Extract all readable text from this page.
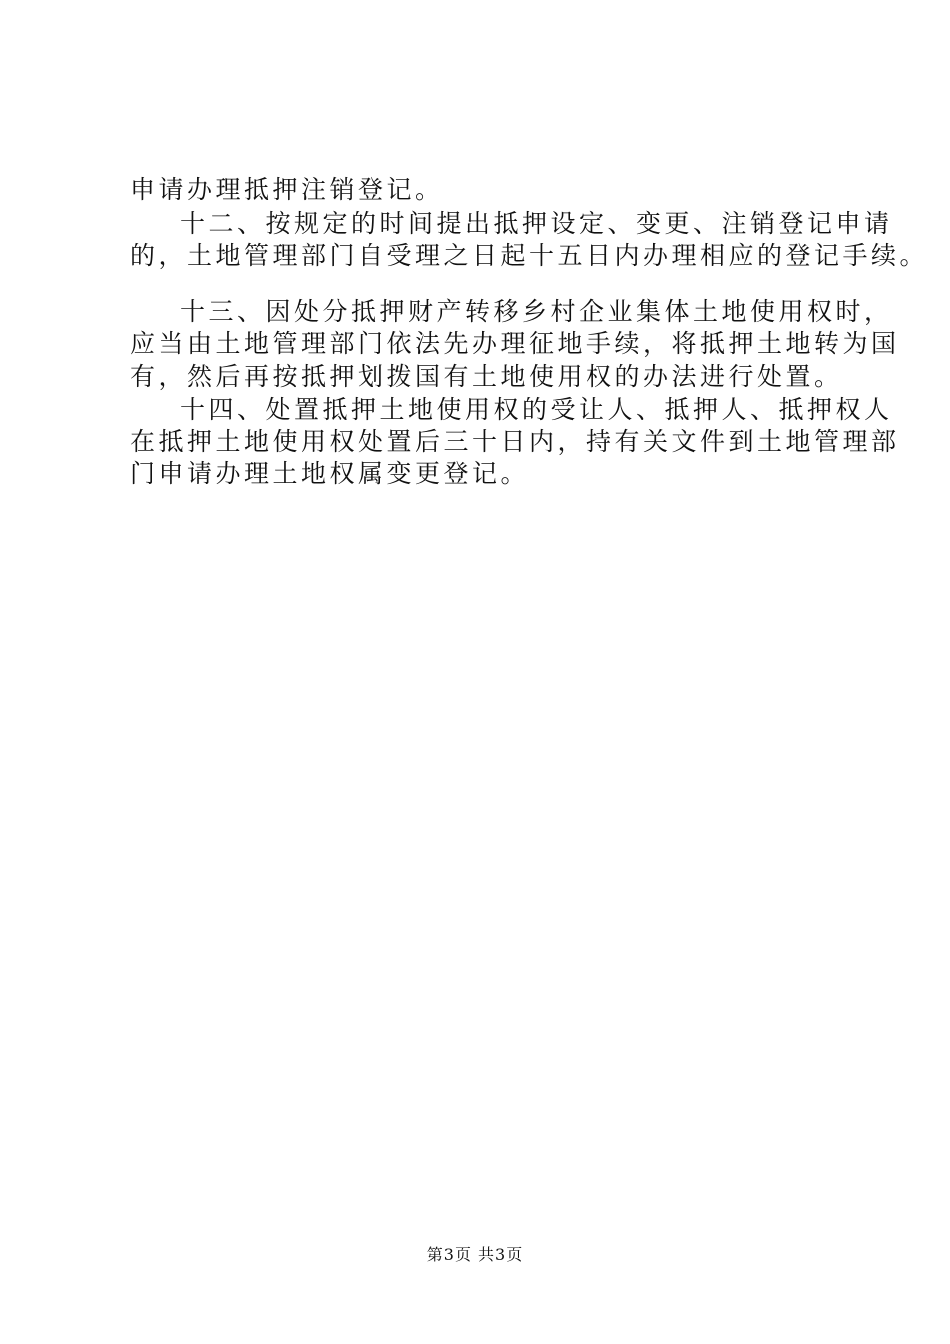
申请办理抵押注销登记。
十二、按规定的时间提出抵押设定、变更、注销登记申请
的，土地管理部门自受理之日起十五日内办理相应的登记手续。
十三、因处分抵押财产转移乡村企业集体土地使用权时，
应当由土地管理部门依法先办理征地手续，将抵押土地转为国
有，然后再按抵押划拨国有土地使用权的办法进行处置。
十四、处置抵押土地使用权的受让人、抵押人、抵押权人
在抵押土地使用权处置后三十日内，持有关文件到土地管理部
门申请办理土地权属变更登记。
第3页 共3页
